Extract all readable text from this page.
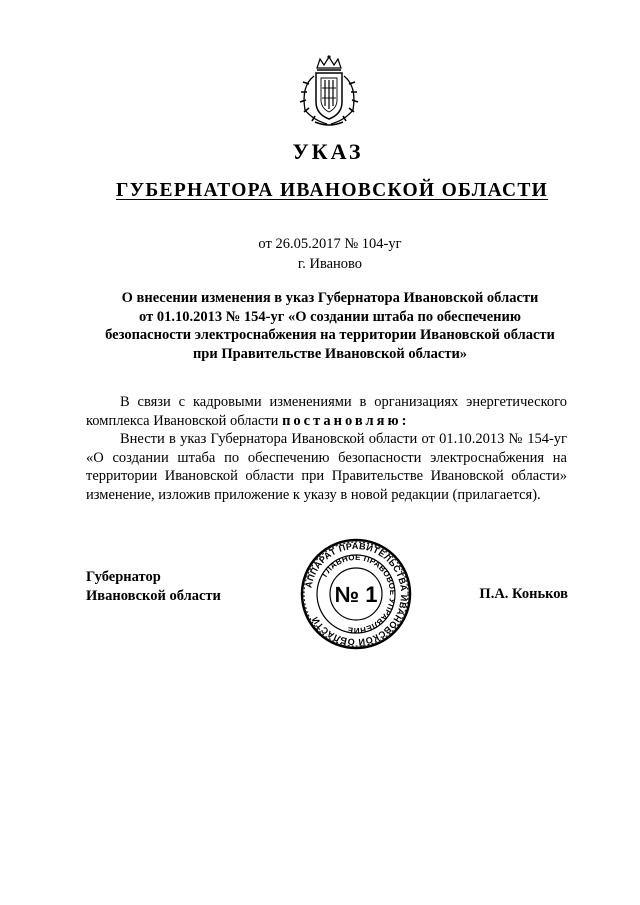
УКАЗ
ГУБЕРНАТОРА ИВАНОВСКОЙ ОБЛАСТИ
от 26.05.2017 № 104-уг
г. Иваново
О внесении изменения в указ Губернатора Ивановской области
от 01.10.2013 № 154-уг «О создании штаба по обеспечению
безопасности электроснабжения на территории Ивановской области
при Правительстве Ивановской области»

В связи с кадровыми изменениями в организациях энергетического комплекса Ивановской области постановляю:

Внести в указ Губернатора Ивановской области от 01.10.2013 № 154-уг «О создании штаба по обеспечению безопасности электроснабжения на территории Ивановской области при Правительстве Ивановской области» изменение, изложив приложение к указу в новой редакции (прилагается).

Губернатор
Ивановской области	П.А. Коньков
АППАРАТ ПРАВИТЕЛЬСТВА ИВАНОВСКОЙ ОБЛАСТИ
ГЛАВНОЕ ПРАВОВОЕ УПРАВЛЕНИЕ
№ 1
